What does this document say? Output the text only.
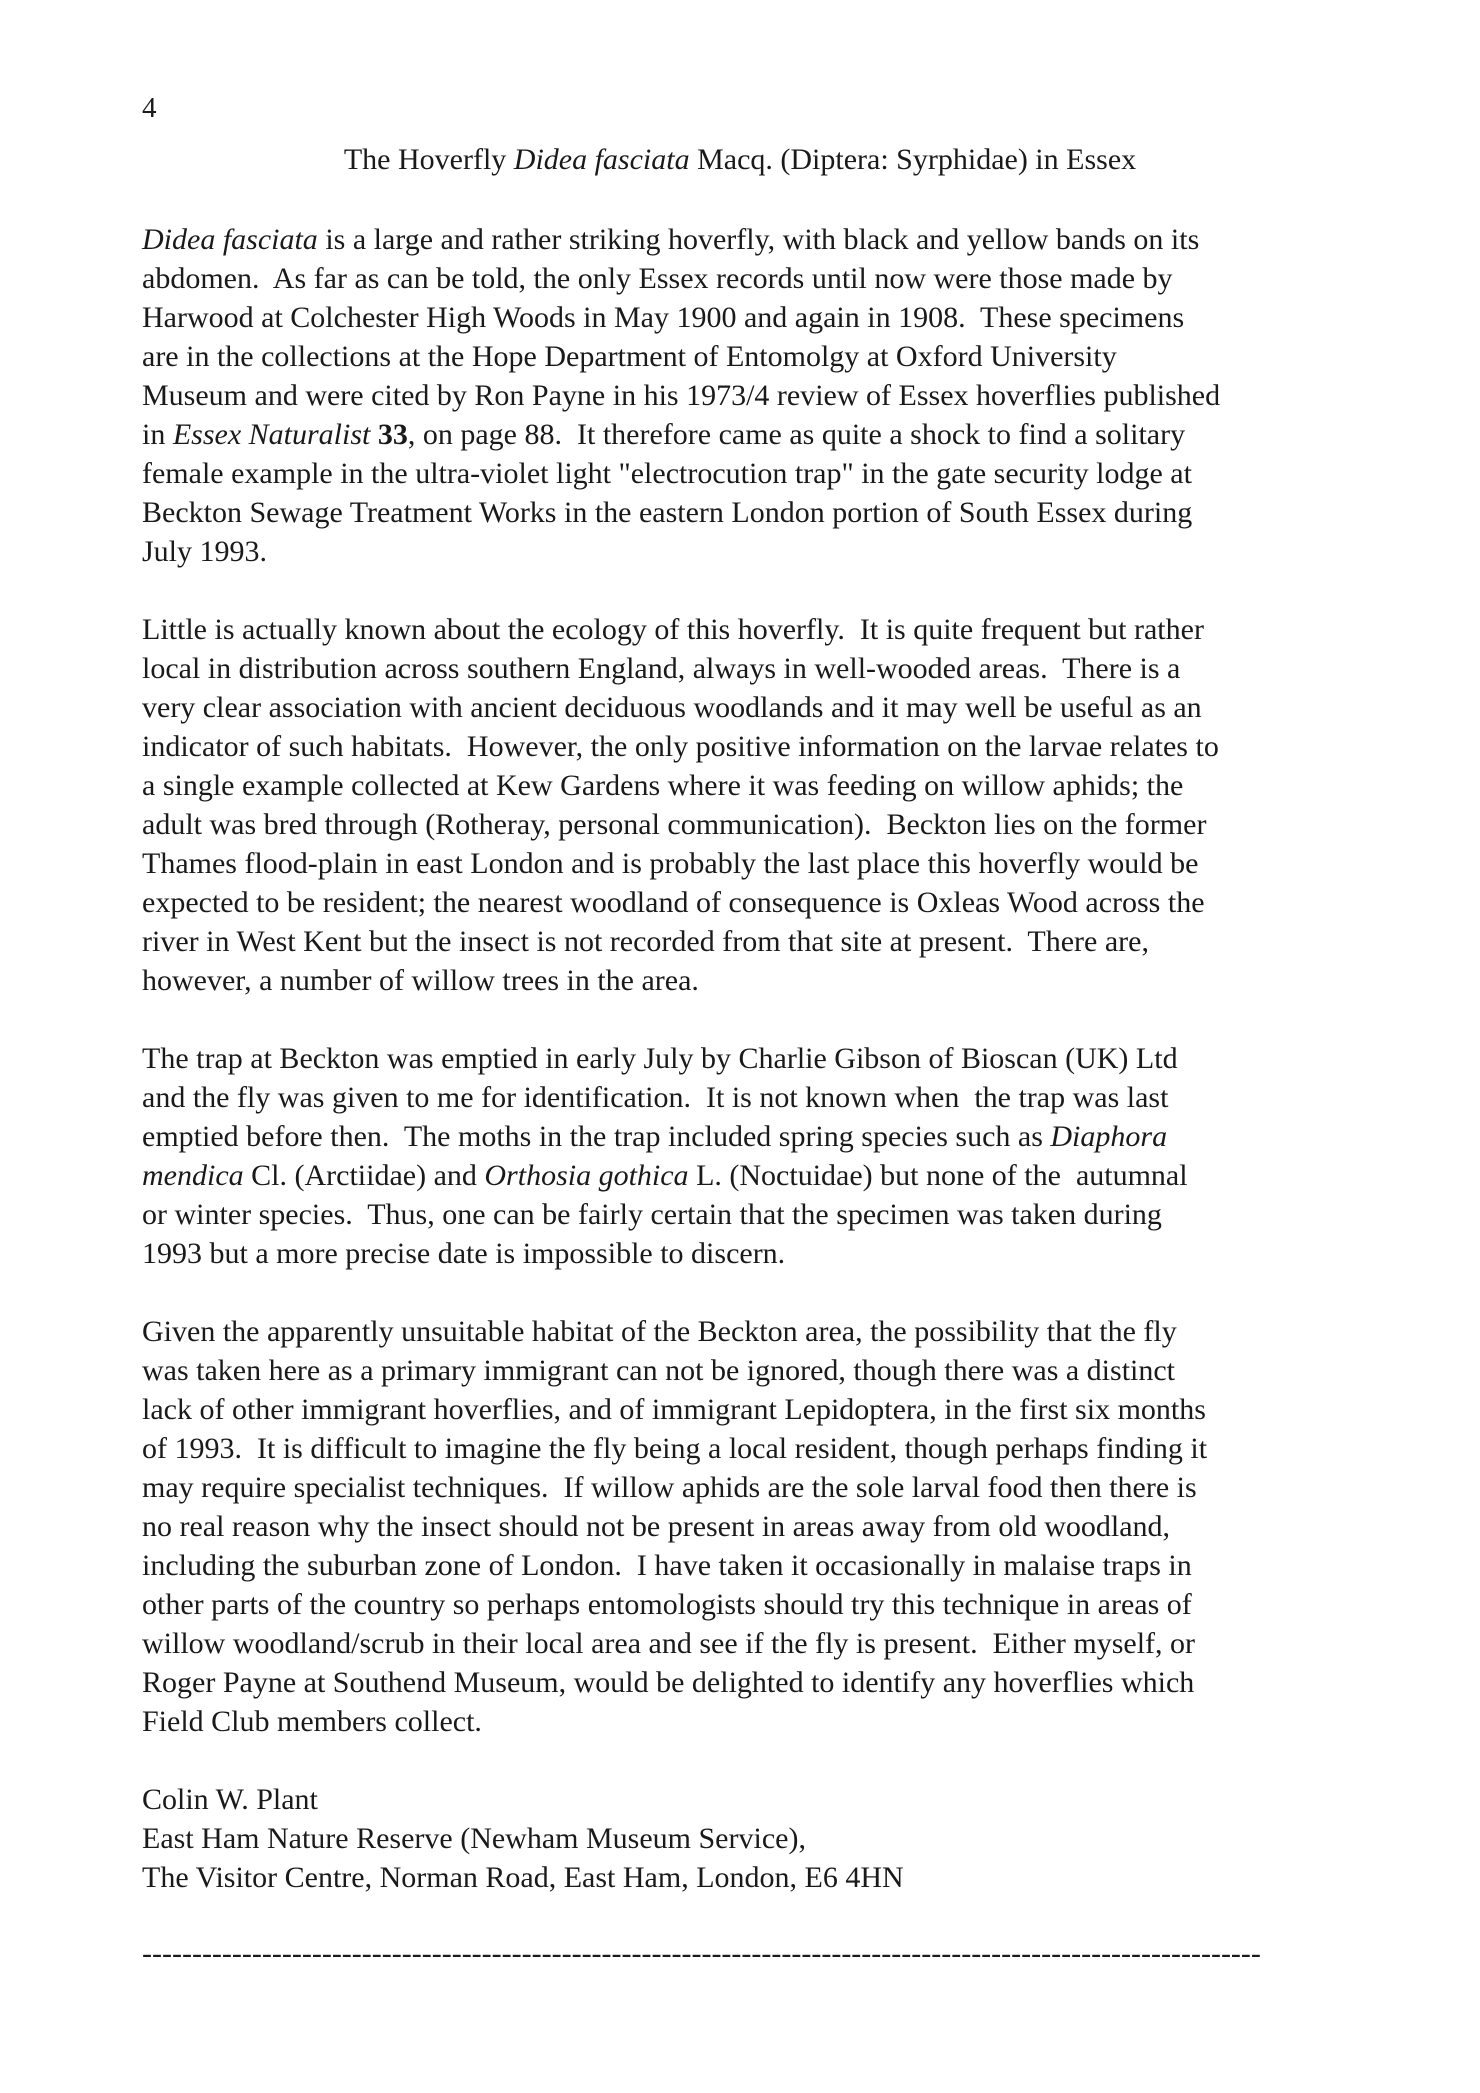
4
The Hoverfly Didea fasciata Macq. (Diptera: Syrphidae) in Essex
Didea fasciata is a large and rather striking hoverfly, with black and yellow bands on its
abdomen.  As far as can be told, the only Essex records until now were those made by
Harwood at Colchester High Woods in May 1900 and again in 1908.  These specimens
are in the collections at the Hope Department of Entomolgy at Oxford University
Museum and were cited by Ron Payne in his 1973/4 review of Essex hoverflies published
in Essex Naturalist 33, on page 88.  It therefore came as quite a shock to find a solitary
female example in the ultra-violet light "electrocution trap" in the gate security lodge at
Beckton Sewage Treatment Works in the eastern London portion of South Essex during
July 1993.
Little is actually known about the ecology of this hoverfly.  It is quite frequent but rather
local in distribution across southern England, always in well-wooded areas.  There is a
very clear association with ancient deciduous woodlands and it may well be useful as an
indicator of such habitats.  However, the only positive information on the larvae relates to
a single example collected at Kew Gardens where it was feeding on willow aphids; the
adult was bred through (Rotheray, personal communication).  Beckton lies on the former
Thames flood-plain in east London and is probably the last place this hoverfly would be
expected to be resident; the nearest woodland of consequence is Oxleas Wood across the
river in West Kent but the insect is not recorded from that site at present.  There are,
however, a number of willow trees in the area.
The trap at Beckton was emptied in early July by Charlie Gibson of Bioscan (UK) Ltd
and the fly was given to me for identification.  It is not known when  the trap was last
emptied before then.  The moths in the trap included spring species such as Diaphora
mendica Cl. (Arctiidae) and Orthosia gothica L. (Noctuidae) but none of the  autumnal
or winter species.  Thus, one can be fairly certain that the specimen was taken during
1993 but a more precise date is impossible to discern.
Given the apparently unsuitable habitat of the Beckton area, the possibility that the fly
was taken here as a primary immigrant can not be ignored, though there was a distinct
lack of other immigrant hoverflies, and of immigrant Lepidoptera, in the first six months
of 1993.  It is difficult to imagine the fly being a local resident, though perhaps finding it
may require specialist techniques.  If willow aphids are the sole larval food then there is
no real reason why the insect should not be present in areas away from old woodland,
including the suburban zone of London.  I have taken it occasionally in malaise traps in
other parts of the country so perhaps entomologists should try this technique in areas of
willow woodland/scrub in their local area and see if the fly is present.  Either myself, or
Roger Payne at Southend Museum, would be delighted to identify any hoverflies which
Field Club members collect.
Colin W. Plant
East Ham Nature Reserve (Newham Museum Service),
The Visitor Centre, Norman Road, East Ham, London, E6 4HN
----------------------------------------------------------------------------------------------------------------
